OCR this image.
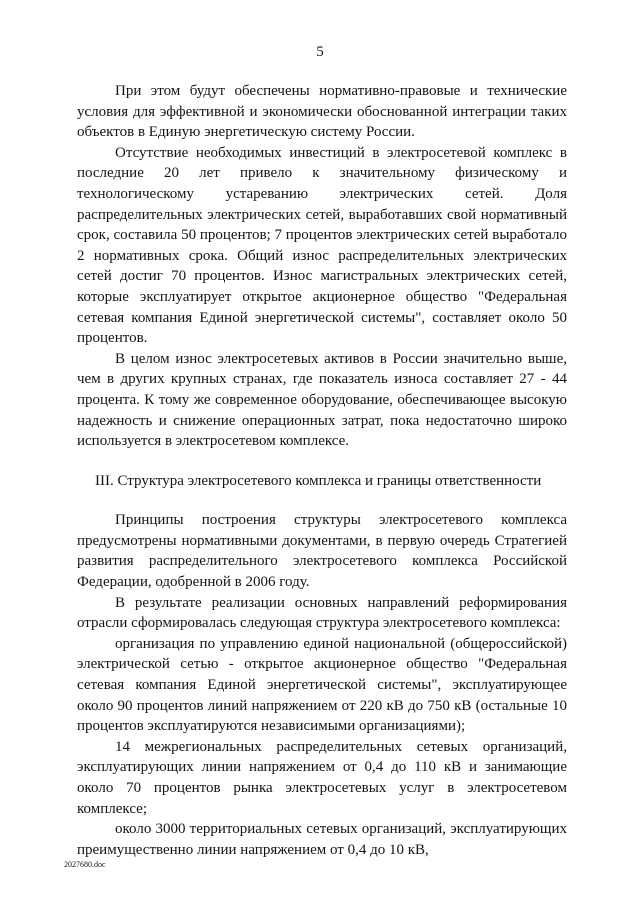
5

При этом будут обеспечены нормативно-правовые и технические условия для эффективной и экономически обоснованной интеграции таких объектов в Единую энергетическую систему России.

Отсутствие необходимых инвестиций в электросетевой комплекс в последние 20 лет привело к значительному физическому и технологическому устареванию электрических сетей. Доля распределительных электрических сетей, выработавших свой нормативный срок, составила 50 процентов; 7 процентов электрических сетей выработало 2 нормативных срока. Общий износ распределительных электрических сетей достиг 70 процентов. Износ магистральных электрических сетей, которые эксплуатирует открытое акционерное общество "Федеральная сетевая компания Единой энергетической системы", составляет около 50 процентов.

В целом износ электросетевых активов в России значительно выше, чем в других крупных странах, где показатель износа составляет 27 - 44 процента. К тому же современное оборудование, обеспечивающее высокую надежность и снижение операционных затрат, пока недостаточно широко используется в электросетевом комплексе.

III. Структура электросетевого комплекса и границы ответственности

Принципы построения структуры электросетевого комплекса предусмотрены нормативными документами, в первую очередь Стратегией развития распределительного электросетевого комплекса Российской Федерации, одобренной в 2006 году.

В результате реализации основных направлений реформирования отрасли сформировалась следующая структура электросетевого комплекса:

организация по управлению единой национальной (общероссийской) электрической сетью - открытое акционерное общество "Федеральная сетевая компания Единой энергетической системы", эксплуатирующее около 90 процентов линий напряжением от 220 кВ до 750 кВ (остальные 10 процентов эксплуатируются независимыми организациями);

14 межрегиональных распределительных сетевых организаций, эксплуатирующих линии напряжением от 0,4 до 110 кВ и занимающие около 70 процентов рынка электросетевых услуг в электросетевом комплексе;

около 3000 территориальных сетевых организаций, эксплуатирующих преимущественно линии напряжением от 0,4 до 10 кВ,

2027680.doc
